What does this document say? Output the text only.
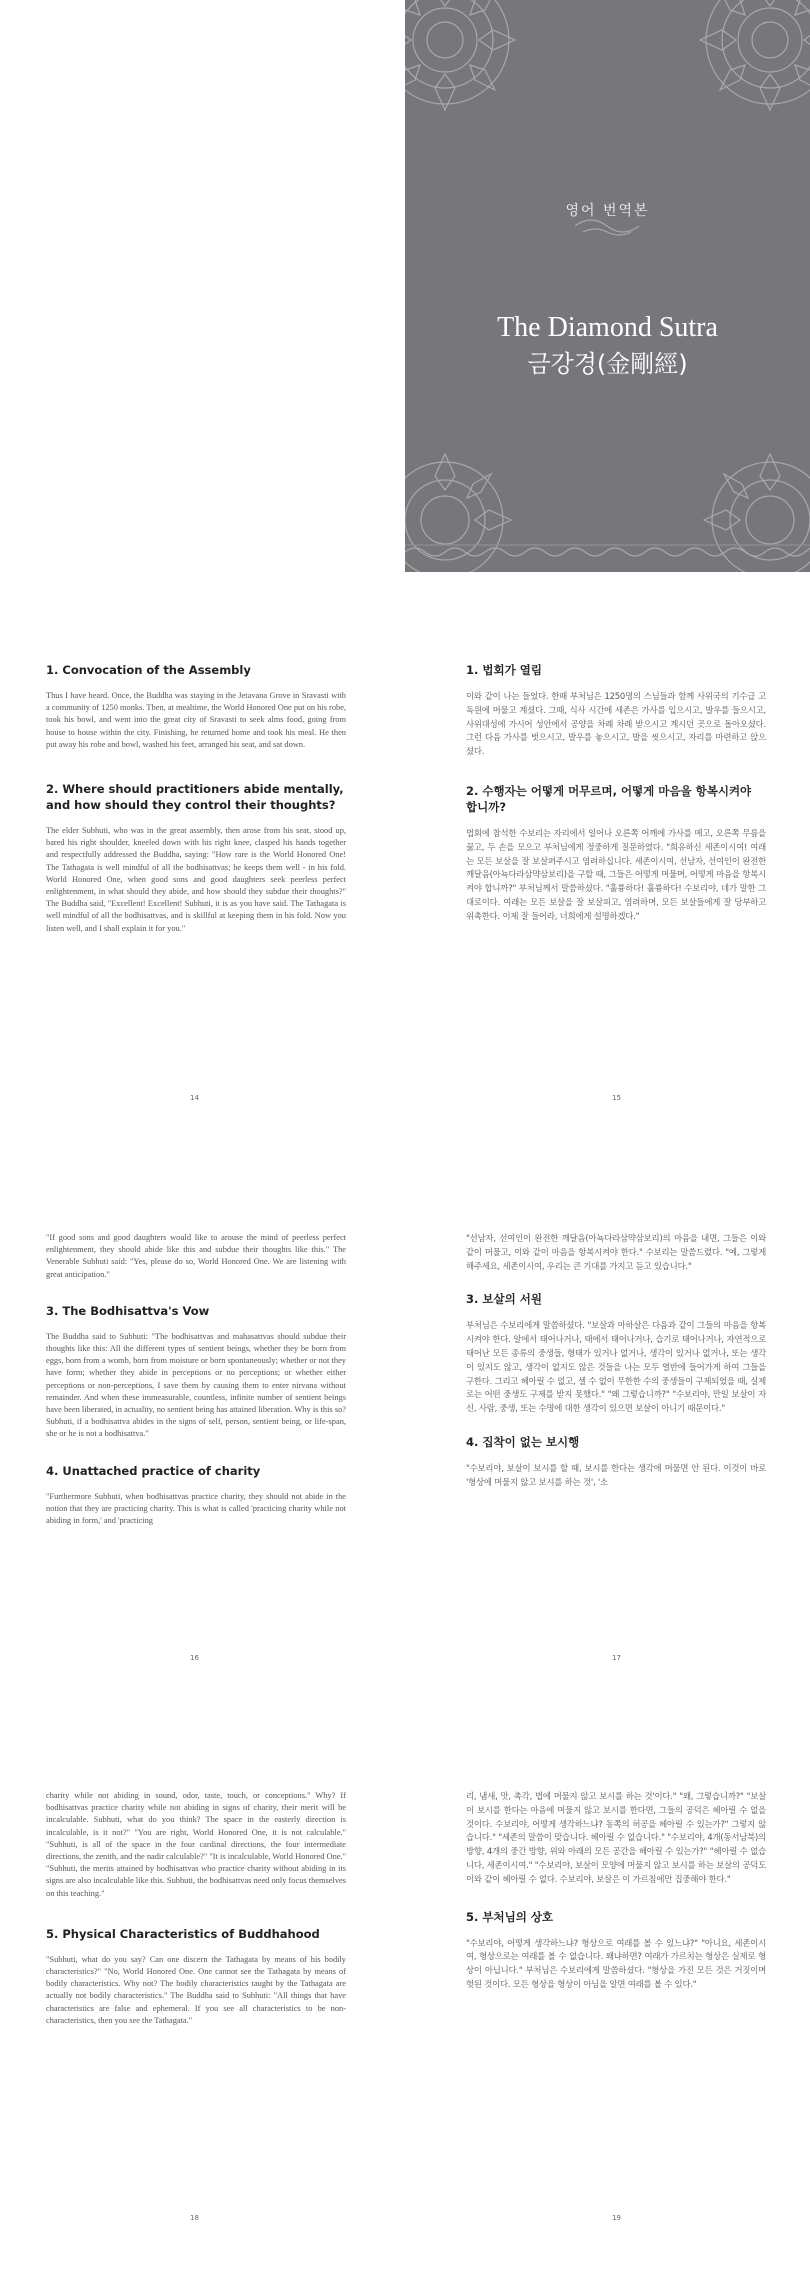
영어 번역본
The Diamond Sutra
금강경(金剛經)
1. Convocation of the Assembly

Thus I have heard. Once, the Buddha was staying in the Jetavana Grove in Sravasti with a community of 1250 monks. Then, at mealtime, the World Honored One put on his robe, took his bowl, and went into the great city of Sravasti to seek alms food, going from house to house within the city. Finishing, he returned home and took his meal. He then put away his robe and bowl, washed his feet, arranged his seat, and sat down.

2. Where should practitioners abide mentally, and how should they control their thoughts?

The elder Subhuti, who was in the great assembly, then arose from his seat, stood up, bared his right shoulder, kneeled down with his right knee, clasped his hands together and respectfully addressed the Buddha, saying: "How rare is the World Honored One! The Tathagata is well mindful of all the bodhisattvas; he keeps them well - in his fold. World Honored One, when good sons and good daughters seek peerless perfect enlightenment, in what should they abide, and how should they subdue their thoughts?" The Buddha said, "Excellent! Excellent! Subhuti, it is as you have said. The Tathagata is well mindful of all the bodhisattvas, and is skillful at keeping them in his fold. Now you listen well, and I shall explain it for you."

14	15
1. 법회가 열림

이와 같이 나는 들었다. 한때 부처님은 1250명의 스님들과 함께 사위국의 기수급 고독원에 머물고 계셨다. 그때, 식사 시간에 세존은 가사를 입으시고, 발우를 들으시고, 사위대성에 가시어 성안에서 공양을 차례 차례 받으시고 계시던 곳으로 돌아오셨다. 그런 다음 가사를 벗으시고, 발우를 놓으시고, 발을 씻으시고, 자리를 마련하고 앉으셨다.

2. 수행자는 어떻게 머무르며, 어떻게 마음을 항복시켜야 합니까?

법회에 참석한 수보리는 자리에서 일어나 오른쪽 어깨에 가사를 메고, 오른쪽 무릎을 꿇고, 두 손을 모으고 부처님에게 정중하게 질문하였다. "희유하신 세존이시여! 여래는 모든 보살을 잘 보살펴주시고 염려하십니다. 세존이시여, 선남자, 선여인이 완전한 깨달음(아뇩다라삼먁삼보리)을 구할 때, 그들은 어떻게 머물며, 어떻게 마음을 항복시켜야 합니까?" 부처님께서 말씀하셨다. "훌륭하다! 훌륭하다! 수보리야, 네가 말한 그대로이다. 여래는 모든 보살을 잘 보살피고, 염려하며, 모든 보살들에게 잘 당부하고 위촉한다. 이제 잘 들어라, 너희에게 설명하겠다."

"If good sons and good daughters would like to arouse the mind of peerless perfect enlightenment, they should abide like this and subdue their thoughts like this." The Venerable Subhuti said: "Yes, please do so, World Honored One. We are listening with great anticipation."

3. The Bodhisattva's Vow

The Buddha said to Subhuti: "The bodhisattvas and mahasattvas should subdue their thoughts like this: All the different types of sentient beings, whether they be born from eggs, born from a womb, born from moisture or born spontaneously; whether or not they have form; whether they abide in perceptions or no perceptions; or whether either perceptions or non-perceptions, I save them by causing them to enter nirvana without remainder. And when these immeasurable, countless, infinite number of sentient beings have been liberated, in actuality, no sentient being has attained liberation. Why is this so? Subhuti, if a bodhisattva abides in the signs of self, person, sentient being, or life-span, she or he is not a bodhisattva."

4. Unattached practice of charity

"Furthermore Subhuti, when bodhisattvas practice charity, they should not abide in the notion that they are practicing charity. This is what is called 'practicing charity while not abiding in form,' and 'practicing

16

"선남자, 선여인이 완전한 깨달음(아뇩다라삼먁삼보리)의 마음을 내면, 그들은 이와 같이 머물고, 이와 같이 마음을 항복시켜야 한다." 수보리는 말씀드렸다. "예, 그렇게 해주세요, 세존이시여, 우리는 큰 기대를 가지고 듣고 있습니다."

3. 보살의 서원

부처님은 수보리에게 말씀하셨다. "보살과 마하살은 다음과 같이 그들의 마음을 항복시켜야 한다. 알에서 태어나거나, 태에서 태어나거나, 습기로 태어나거나, 자연적으로 태어난 모든 종류의 중생들, 형태가 있거나 없거나, 생각이 있거나 없거나, 또는 생각이 있지도 않고, 생각이 없지도 않은 것들을 나는 모두 열반에 들어가게 하여 그들을 구한다. 그리고 헤아릴 수 없고, 셀 수 없이 무한한 수의 중생들이 구제되었을 때, 실제로는 어떤 중생도 구제를 받지 못했다." "왜 그렇습니까?" "수보리야, 만일 보살이 자신, 사람, 중생, 또는 수명에 대한 생각이 있으면 보살이 아니기 때문이다."

4. 집착이 없는 보시행

"수보리야, 보살이 보시를 할 때, 보시를 한다는 생각에 머물면 안 된다. 이것이 바로 '형상에 머물지 않고 보시를 하는 것', '소

17

charity while not abiding in sound, odor, taste, touch, or conceptions." Why? If bodhisattvas practice charity while not abiding in signs of charity, their merit will be incalculable. Subhuti, what do you think? The space in the easterly direction is incalculable, is it not?" "You are right, World Honored One, it is not calculable." "Subhuti, is all of the space in the four cardinal directions, the four intermediate directions, the zenith, and the nadir calculable?" "It is incalculable, World Honored One." "Subhuti, the merits attained by bodhisattvas who practice charity without abiding in its signs are also incalculable like this. Subhuti, the bodhisattvas need only focus themselves on this teaching."

5. Physical Characteristics of Buddhahood

"Subhuti, what do you say? Can one discern the Tathagata by means of his bodily characteristics?" "No, World Honored One. One cannot see the Tathagata by means of bodily characteristics. Why not? The bodily characteristics taught by the Tathagata are actually not bodily characteristics." The Buddha said to Subhuti: "All things that have characteristics are false and ephemeral. If you see all characteristics to be non-characteristics, then you see the Tathagata."

18

리, 냄새, 맛, 촉각, 법에 머물지 않고 보시를 하는 것'이다." "왜, 그렇습니까?" "보살이 보시를 한다는 마음에 머물지 않고 보시를 한다면, 그들의 공덕은 헤아릴 수 없을 것이다. 수보리야, 어떻게 생각하느냐? 동쪽의 허공을 헤아릴 수 있는가?" 그렇지 않습니다." "세존의 말씀이 맞습니다. 헤아릴 수 없습니다." "수보리야, 4개(동서남북)의 방향, 4개의 중간 방향, 위와 아래의 모든 공간을 헤아릴 수 있는가?" "헤아릴 수 없습니다, 세존이시여." "수보리야, 보살이 모양에 머물지 않고 보시를 하는 보살의 공덕도 이와 같이 헤아릴 수 없다. 수보리야, 보살은 이 가르침에만 집중해야 한다."

5. 부처님의 상호

"수보리야, 어떻게 생각하느냐? 형상으로 여래를 볼 수 있느냐?" "아니요, 세존이시여, 형상으로는 여래를 볼 수 없습니다. 왜냐하면? 여래가 가르치는 형상은 실제로 형상이 아닙니다." 부처님은 수보리에게 말씀하셨다. "형상을 가진 모든 것은 거짓이며 헛된 것이다. 모든 형상을 형상이 아님을 알면 여래를 볼 수 있다."

19
